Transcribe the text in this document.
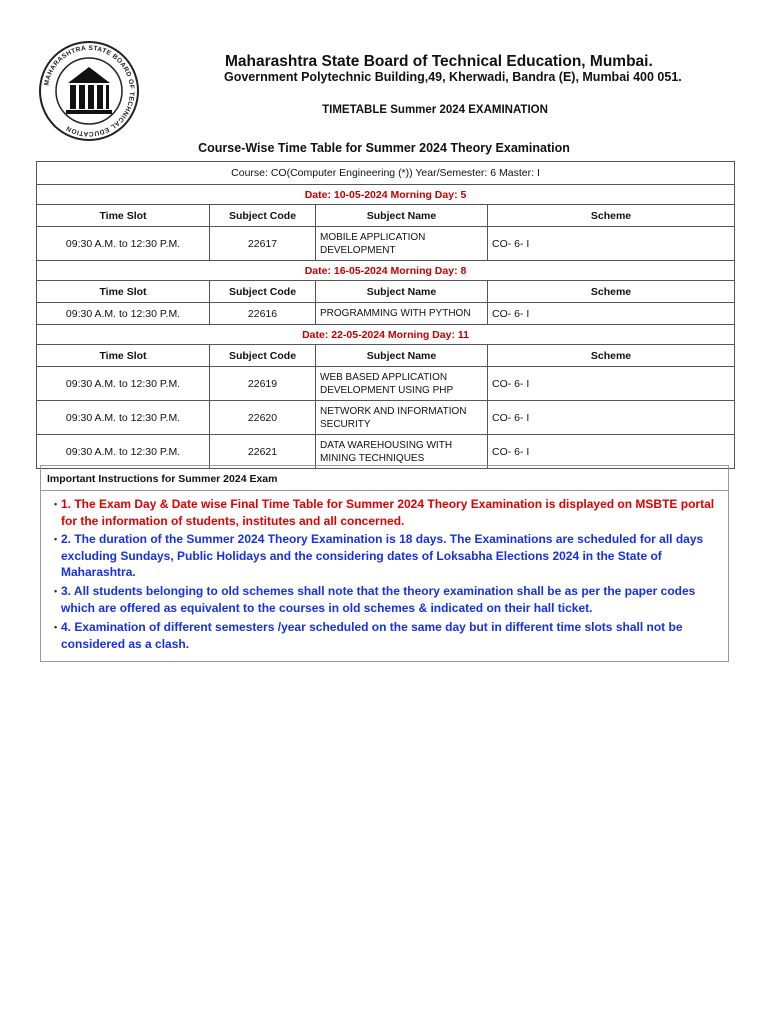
MAHARASHTRA STATE BOARD OF TECHNICAL EDUCATION
Maharashtra State Board of Technical Education, Mumbai.
Government Polytechnic Building,49, Kherwadi, Bandra (E), Mumbai 400 051.
TIMETABLE Summer 2024 EXAMINATION
Course-Wise Time Table for Summer 2024 Theory Examination
Course: CO(Computer Engineering (*)) Year/Semester: 6 Master: I			
Date: 10-05-2024 Morning Day: 5			
Time Slot	Subject Code	Subject Name	Scheme
09:30 A.M. to 12:30 P.M.	22617	MOBILE APPLICATION
DEVELOPMENT	CO- 6- I
Date: 16-05-2024 Morning Day: 8			
Time Slot	Subject Code	Subject Name	Scheme
09:30 A.M. to 12:30 P.M.	22616	PROGRAMMING WITH PYTHON	CO- 6- I
Date: 22-05-2024 Morning Day: 11			
Time Slot	Subject Code	Subject Name	Scheme
09:30 A.M. to 12:30 P.M.	22619	WEB BASED APPLICATION
DEVELOPMENT USING PHP	CO- 6- I
09:30 A.M. to 12:30 P.M.	22620	NETWORK AND INFORMATION
SECURITY	CO- 6- I
09:30 A.M. to 12:30 P.M.	22621	DATA WAREHOUSING WITH
MINING TECHNIQUES	CO- 6- I
Important Instructions for Summer 2024 Exam

• 1. The Exam Day & Date wise Final Time Table for Summer 2024 Theory Examination is displayed on MSBTE portal for the information of students, institutes and all concerned.

• 2. The duration of the Summer 2024 Theory Examination is 18 days. The Examinations are scheduled for all days excluding Sundays, Public Holidays and the considering dates of Loksabha Elections 2024 in the State of Maharashtra.

• 3. All students belonging to old schemes shall note that the theory examination shall be as per the paper codes which are offered as equivalent to the courses in old schemes & indicated on their hall ticket.

• 4. Examination of different semesters /year scheduled on the same day but in different time slots shall not be considered as a clash.
